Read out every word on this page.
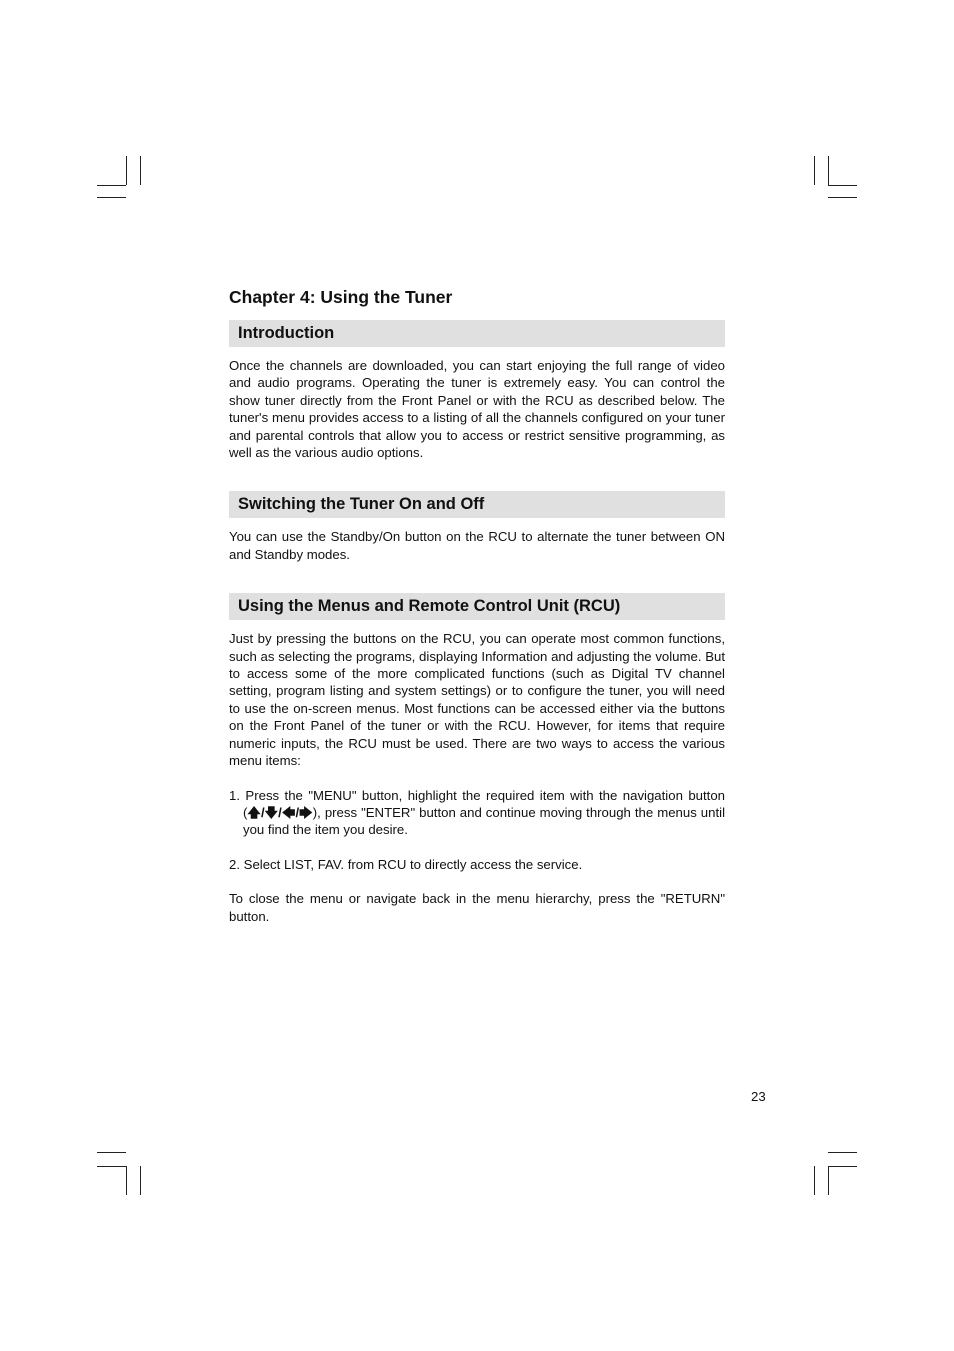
Chapter 4: Using the Tuner
Introduction

Once the channels are downloaded, you can start enjoying the full range of video and audio programs. Operating the tuner is extremely easy. You can control the show tuner directly from the Front Panel or with the RCU as described below. The tuner's menu provides access to a listing of all the channels configured on your tuner and parental controls that allow you to access or restrict sensitive programming, as well as the various audio options.

Switching the Tuner On and Off

You can use the Standby/On button on the RCU to alternate the tuner between ON and Standby modes.

Using the Menus and Remote Control Unit (RCU)

Just by pressing the buttons on the RCU, you can operate most common functions, such as selecting the programs, displaying Information and adjusting the volume. But to access some of the more complicated functions (such as Digital TV channel setting, program listing and system settings) or to configure the tuner, you will need to use the on-screen menus. Most functions can be accessed either via the buttons on the Front Panel of the tuner or with the RCU. However, for items that require numeric inputs, the RCU must be used. There are two ways to access the various menu items:

1. Press the "MENU" button, highlight the required item with the navigation button (🡅/🡇/🡄/🡆), press "ENTER" button and continue moving through the menus until you find the item you desire.

2. Select LIST, FAV. from RCU to directly access the service.

To close the menu or navigate back in the menu hierarchy, press the "RETURN" button.

23
